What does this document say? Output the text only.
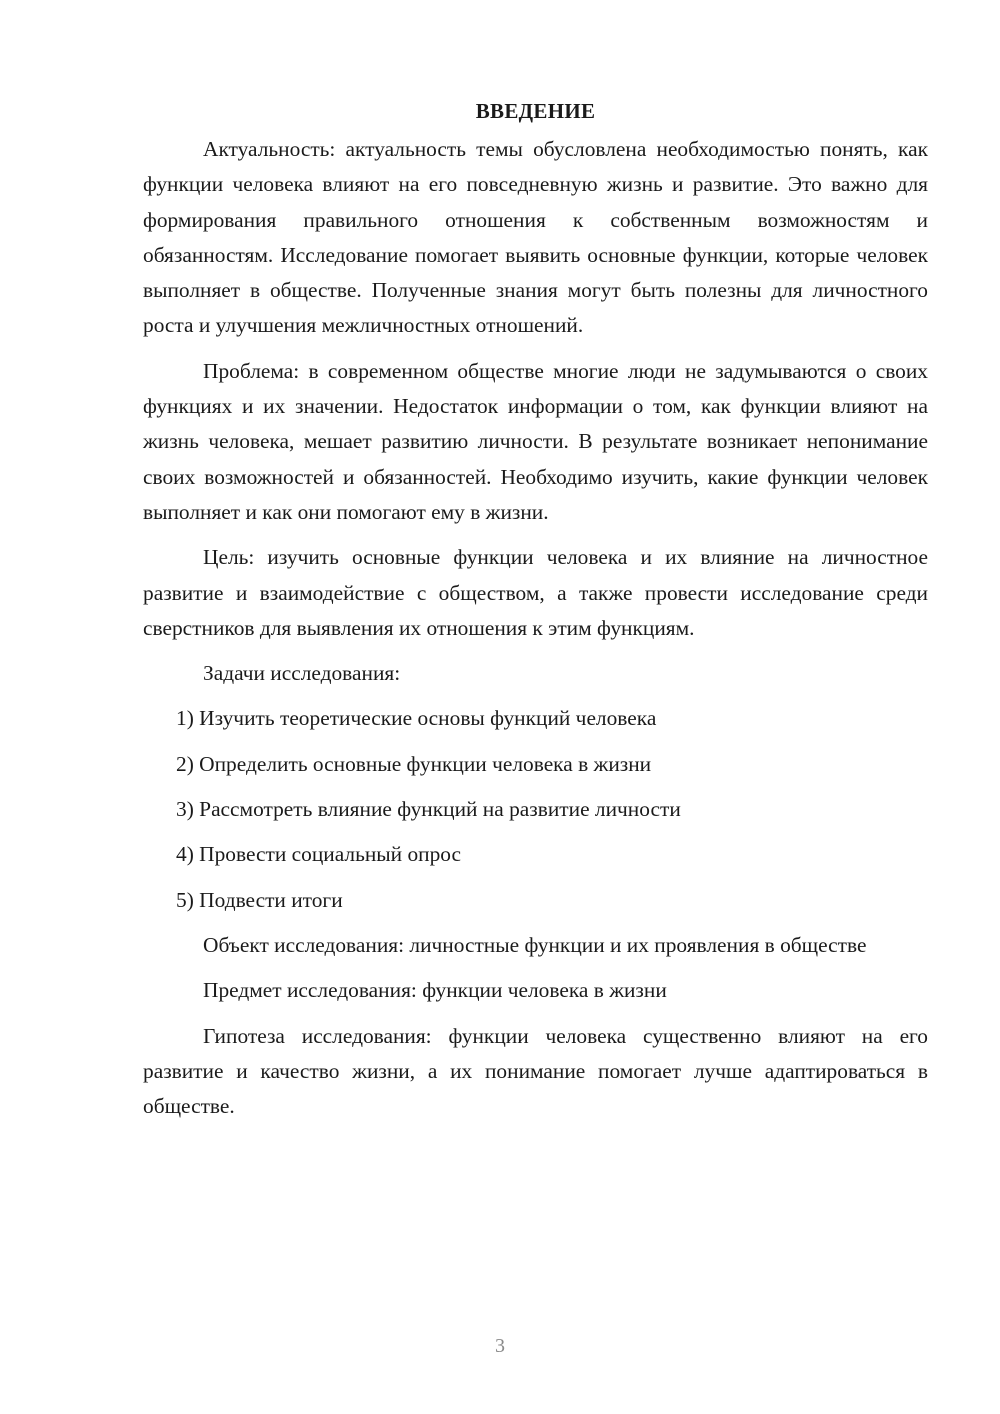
ВВЕДЕНИЕ

Актуальность: актуальность темы обусловлена необходимостью понять, как функции человека влияют на его повседневную жизнь и развитие. Это важно для формирования правильного отношения к собственным возможностям и обязанностям. Исследование помогает выявить основные функции, которые человек выполняет в обществе. Полученные знания могут быть полезны для личностного роста и улучшения межличностных отношений.

Проблема: в современном обществе многие люди не задумываются о своих функциях и их значении. Недостаток информации о том, как функции влияют на жизнь человека, мешает развитию личности. В результате возникает непонимание своих возможностей и обязанностей. Необходимо изучить, какие функции человек выполняет и как они помогают ему в жизни.

Цель: изучить основные функции человека и их влияние на личностное развитие и взаимодействие с обществом, а также провести исследование среди сверстников для выявления их отношения к этим функциям.

Задачи исследования:

1) Изучить теоретические основы функций человека
2) Определить основные функции человека в жизни
3) Рассмотреть влияние функций на развитие личности
4) Провести социальный опрос
5) Подвести итоги

Объект исследования: личностные функции и их проявления в обществе

Предмет исследования: функции человека в жизни

Гипотеза исследования: функции человека существенно влияют на его развитие и качество жизни, а их понимание помогает лучше адаптироваться в обществе.

3
